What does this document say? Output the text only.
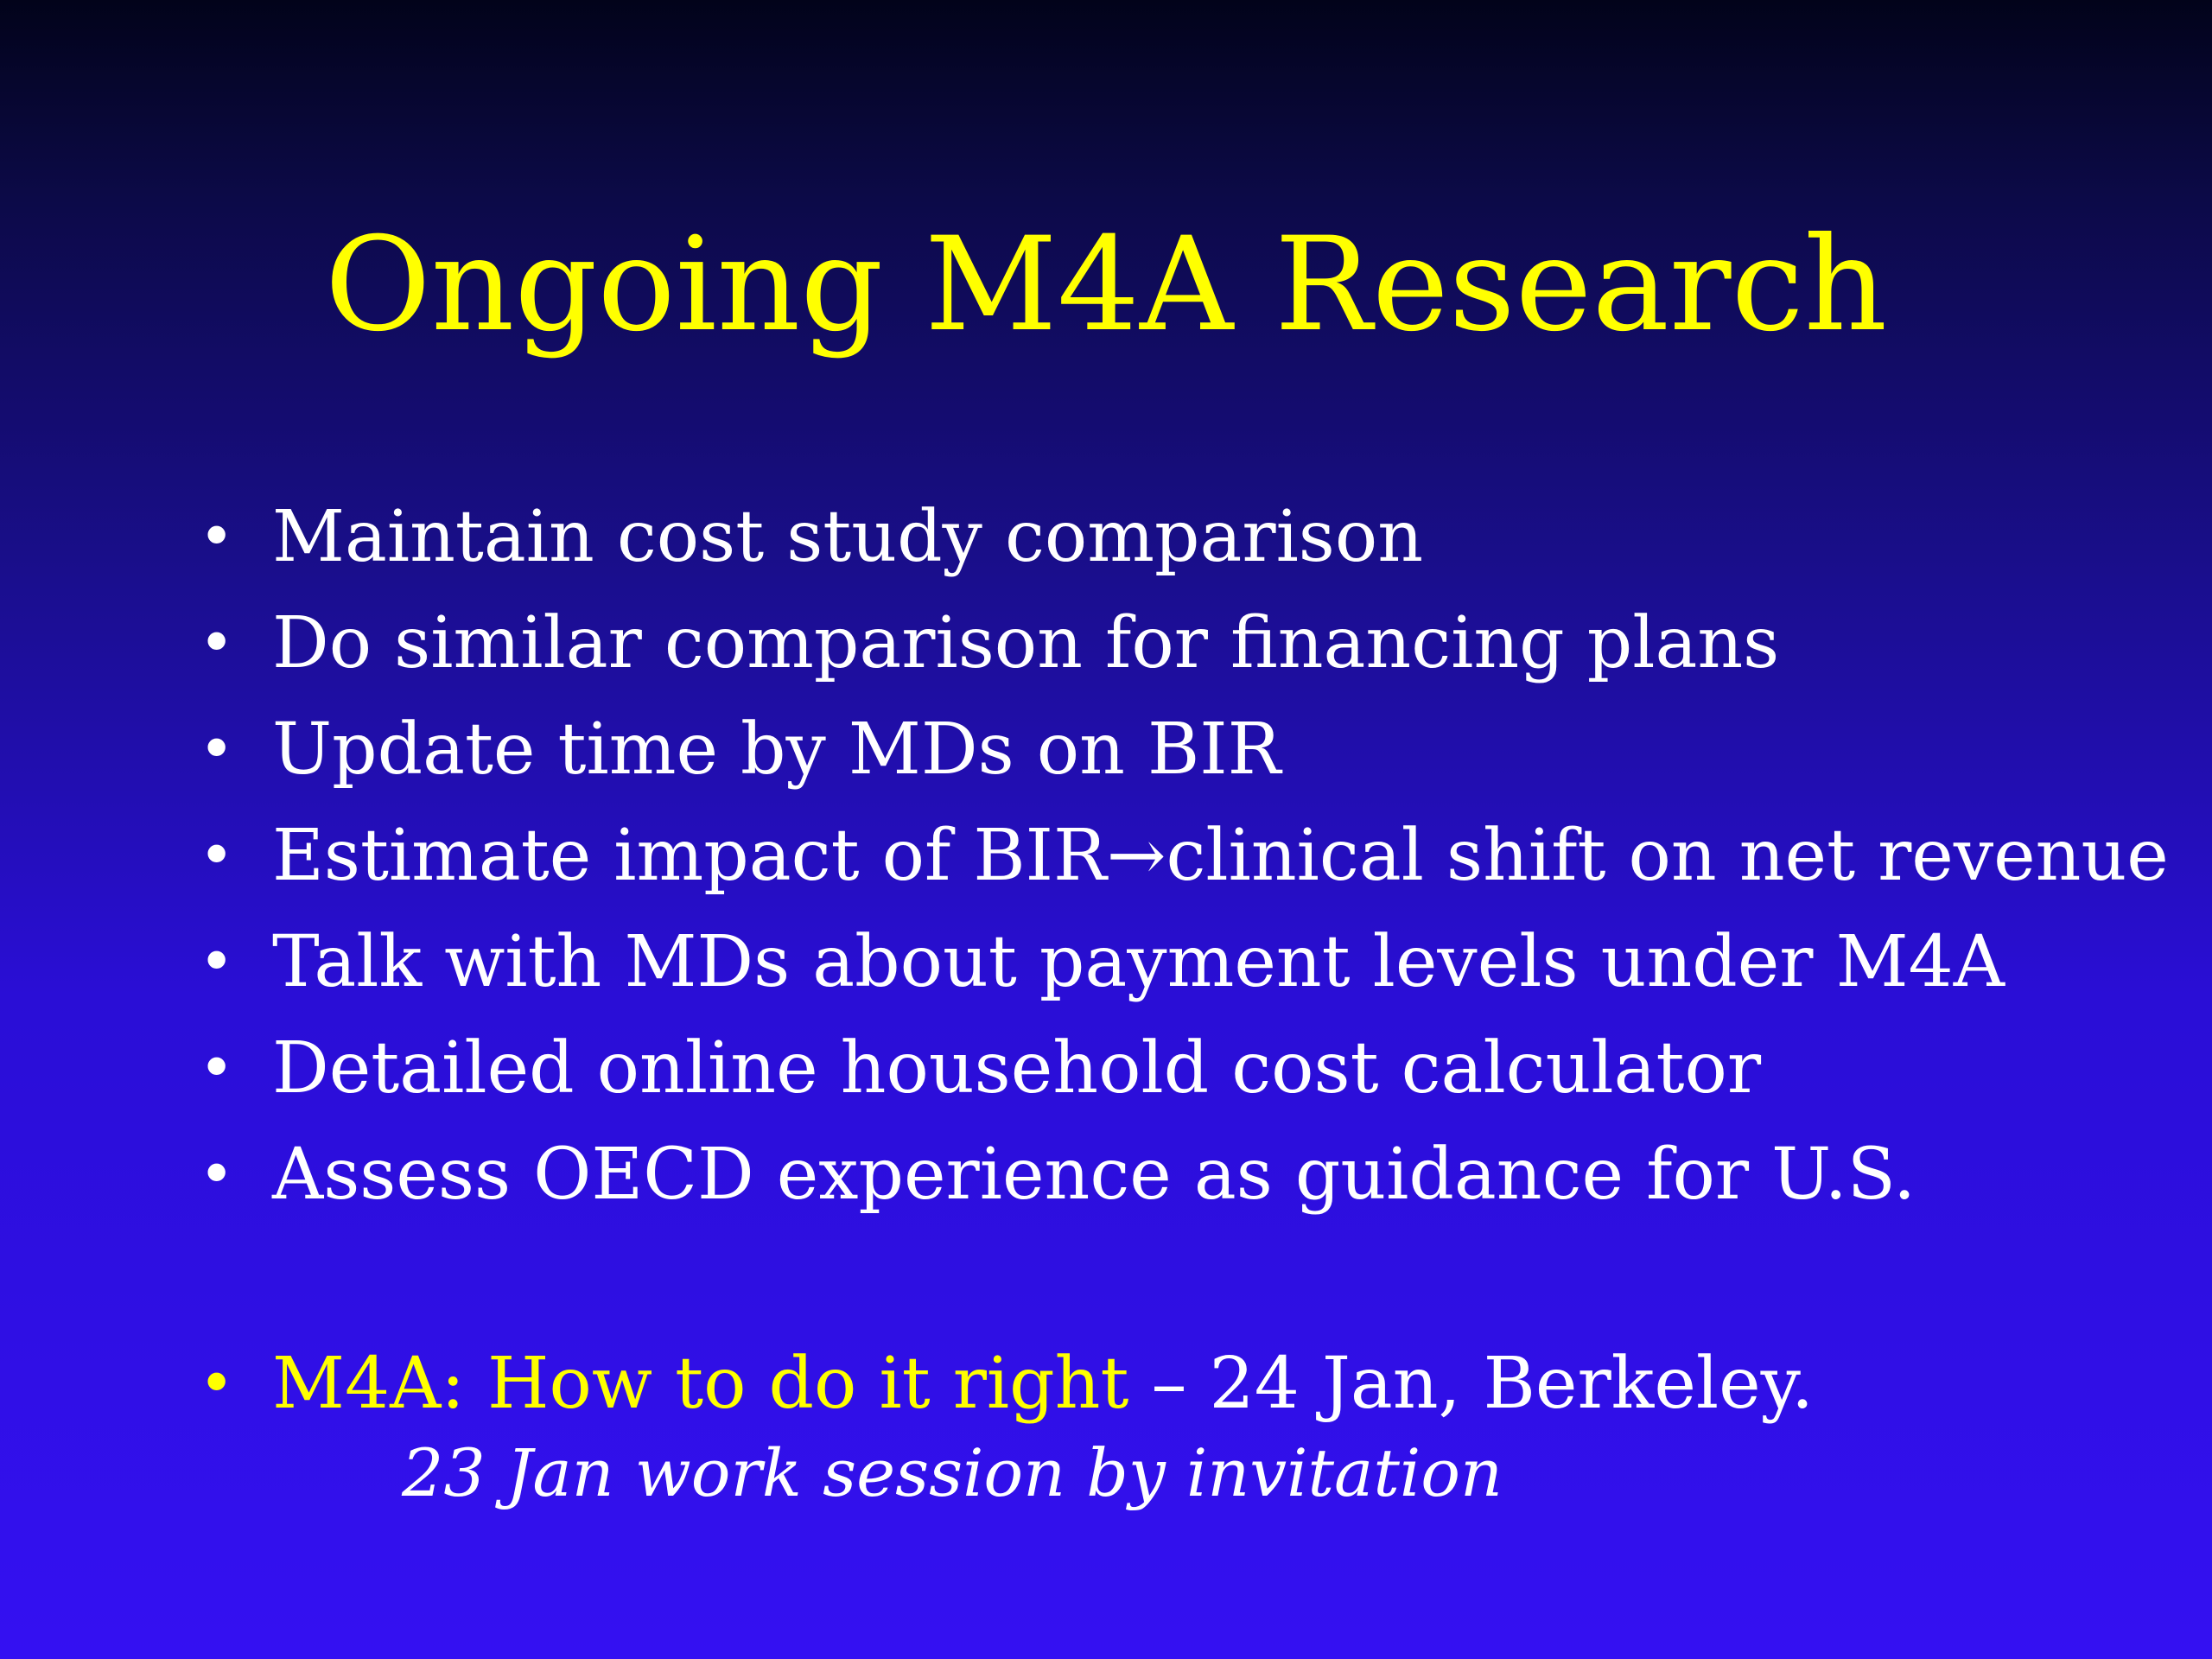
Ongoing M4A Research
• Maintain cost study comparison
• Do similar comparison for financing plans
• Update time by MDs on BIR
• Estimate impact of BIR→clinical shift on net revenue
• Talk with MDs about payment levels under M4A
• Detailed online household cost calculator
• Assess OECD experience as guidance for U.S.
• M4A: How to do it right – 24 Jan, Berkeley.
23 Jan work session by invitation
